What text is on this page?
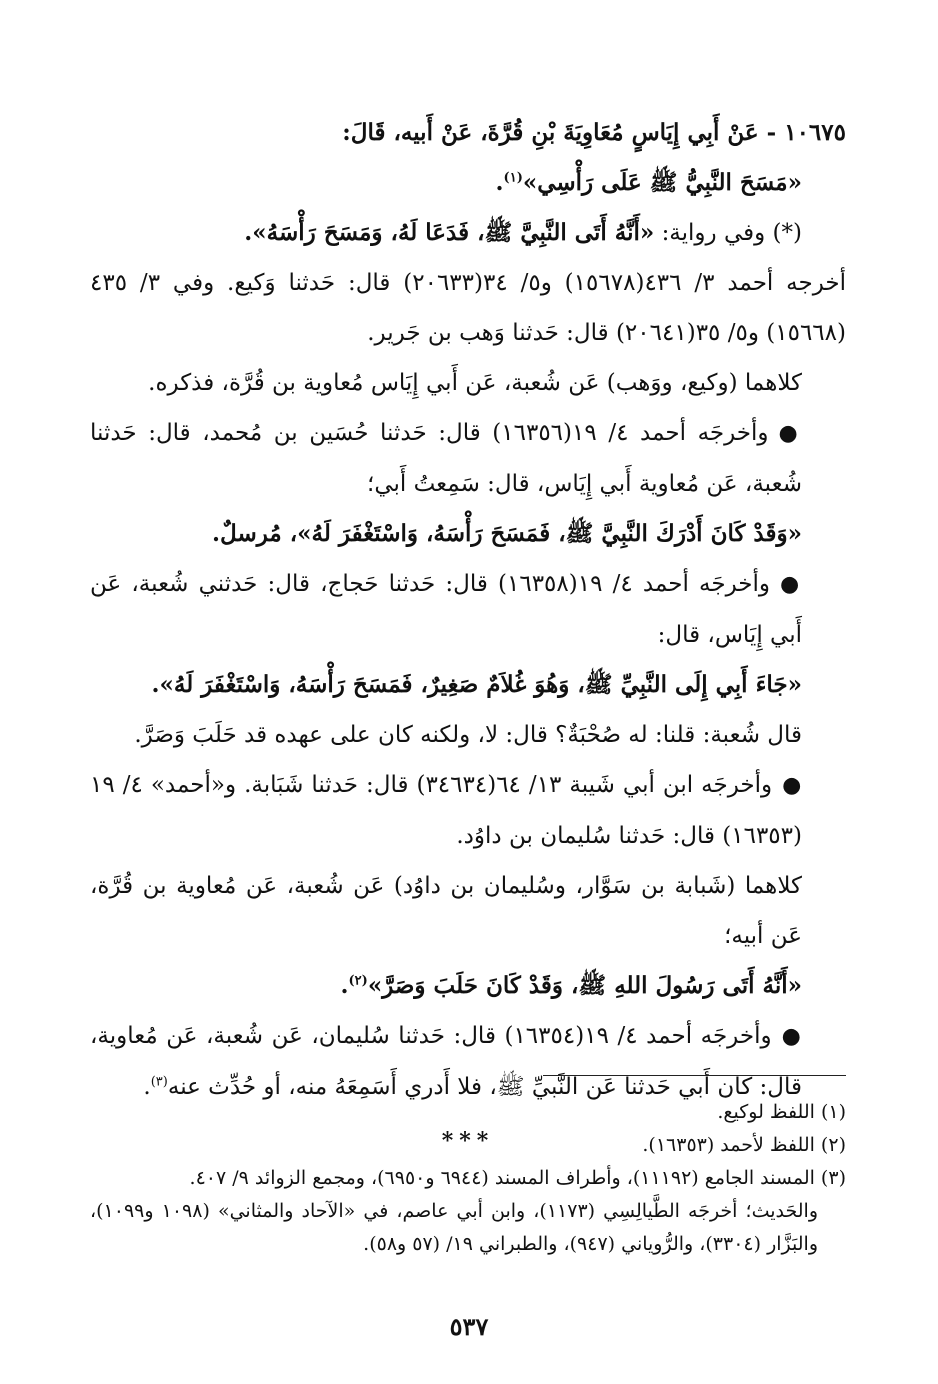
١٠٦٧٥ - عَنْ أَبِي إِيَاسٍ مُعَاوِيَةَ بْنِ قُرَّةَ، عَنْ أَبيه، قَالَ:

«مَسَحَ النَّبِيُّ ﷺ عَلَى رَأْسِي»$^{(١)}$.

(*) وفي رواية: «أَنَّهُ أَتَى النَّبِيَّ ﷺ، فَدَعَا لَهُ، وَمَسَحَ رَأْسَهُ».

أخرجه أحمد ٣/ ٤٣٦(١٥٦٧٨) و٥/ ٣٤(٢٠٦٣٣) قال: حَدثنا وَكيع. وفي ٣/ ٤٣٥ (١٥٦٦٨) و٥/ ٣٥(٢٠٦٤١) قال: حَدثنا وَهب بن جَرير.

كلاهما (وكيع، ووَهب) عَن شُعبة، عَن أَبي إِيَاس مُعاوية بن قُرَّة، فذكره.

●وأخرجَه أحمد ٤/ ١٩(١٦٣٥٦) قال: حَدثنا حُسَين بن مُحمد، قال: حَدثنا شُعبة، عَن مُعاوية أَبي إِيَاس، قال: سَمِعتُ أَبي؛

«وَقَدْ كَانَ أَدْرَكَ النَّبِيَّ ﷺ، فَمَسَحَ رَأْسَهُ، وَاسْتَغْفَرَ لَهُ»، مُرسلٌ.

●وأخرجَه أحمد ٤/ ١٩(١٦٣٥٨) قال: حَدثنا حَجاج، قال: حَدثني شُعبة، عَن أَبي إِيَاس، قال:

«جَاءَ أَبِي إِلَى النَّبِيِّ ﷺ، وَهُوَ غُلاَمٌ صَغِيرٌ، فَمَسَحَ رَأْسَهُ، وَاسْتَغْفَرَ لَهُ».

قال شُعبة: قلنا: له صُحْبَةٌ؟ قال: لا، ولكنه كان على عهده قد حَلَبَ وَصَرَّ.

●وأخرجَه ابن أبي شَيبة ١٣/ ٦٤(٣٤٦٣٤) قال: حَدثنا شَبَابة. و«أحمد» ٤/ ١٩ (١٦٣٥٣) قال: حَدثنا سُليمان بن داوُد.

كلاهما (شَبابة بن سَوَّار، وسُليمان بن داوُد) عَن شُعبة، عَن مُعاوية بن قُرَّة، عَن أبيه؛

«أَنَّهُ أَتَى رَسُولَ اللهِ ﷺ، وَقَدْ كَانَ حَلَبَ وَصَرَّ»$^{(٢)}$.

●وأخرجَه أحمد ٤/ ١٩(١٦٣٥٤) قال: حَدثنا سُليمان، عَن شُعبة، عَن مُعاوية، قال: كان أَبي حَدثنا عَن النَّبيِّ ﷺ، فلا أَدري أَسَمِعَهُ منه، أو حُدِّث عنه$^{(٣)}$.

***

(١) اللفظ لوكيع.

(٢) اللفظ لأحمد (١٦٣٥٣).

(٣) المسند الجامع (١١١٩٢)، وأطراف المسند (٦٩٤٤ و٦٩٥٠)، ومجمع الزوائد ٩/ ٤٠٧.

والحَديث؛ أخرجَه الطَّيالِسِي (١١٧٣)، وابن أبي عاصم، في «الآحاد والمثاني» (١٠٩٨ و١٠٩٩)، والبَزَّار (٣٣٠٤)، والرُّوياني (٩٤٧)، والطبراني ١٩/ (٥٧ و٥٨).

٥٣٧
